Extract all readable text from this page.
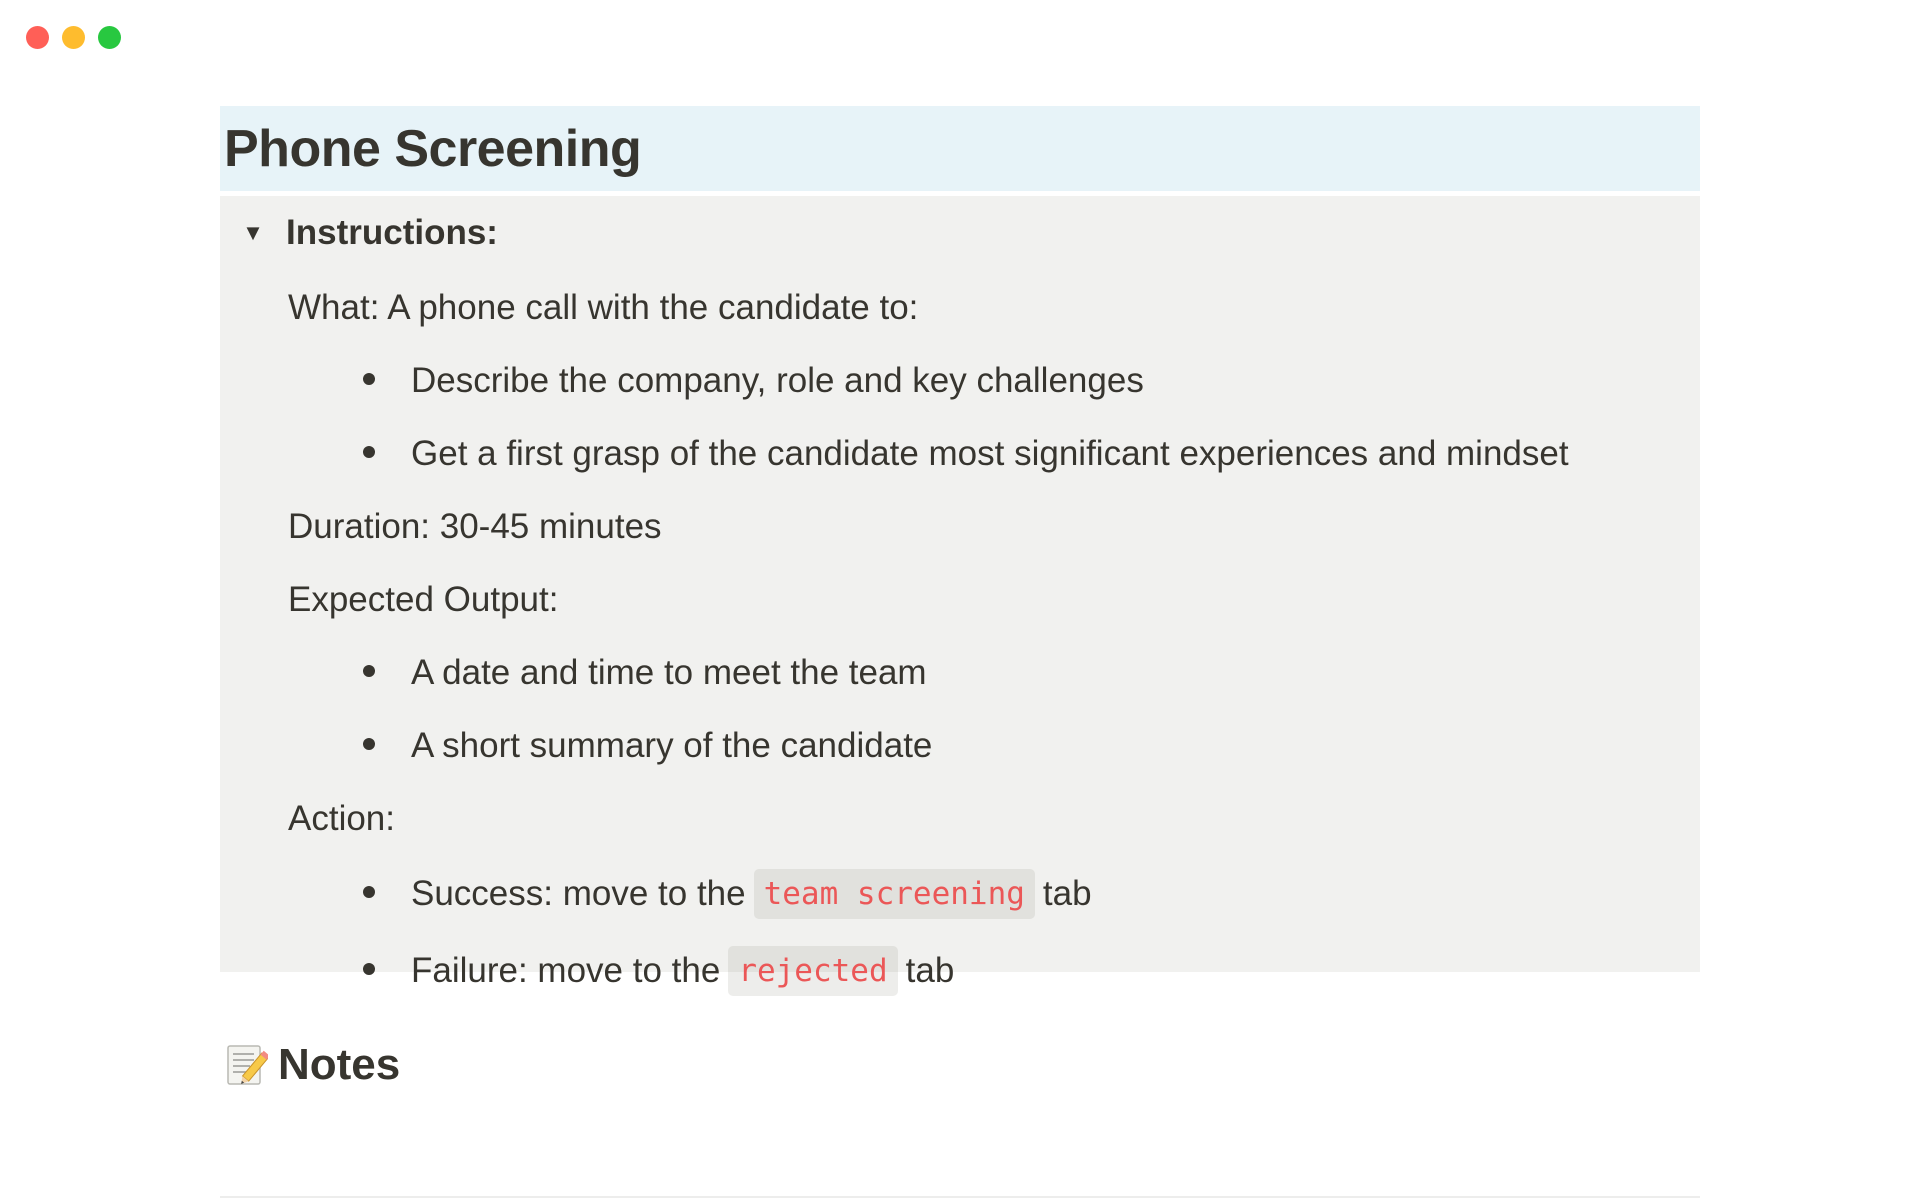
Phone Screening
▼ Instructions:
What: A phone call with the candidate to:
Describe the company, role and key challenges
Get a first grasp of the candidate most significant experiences and mindset
Duration: 30-45 minutes
Expected Output:
A date and time to meet the team
A short summary of the candidate
Action:
Success: move to the team screening tab
Failure: move to the rejected tab
Notes
